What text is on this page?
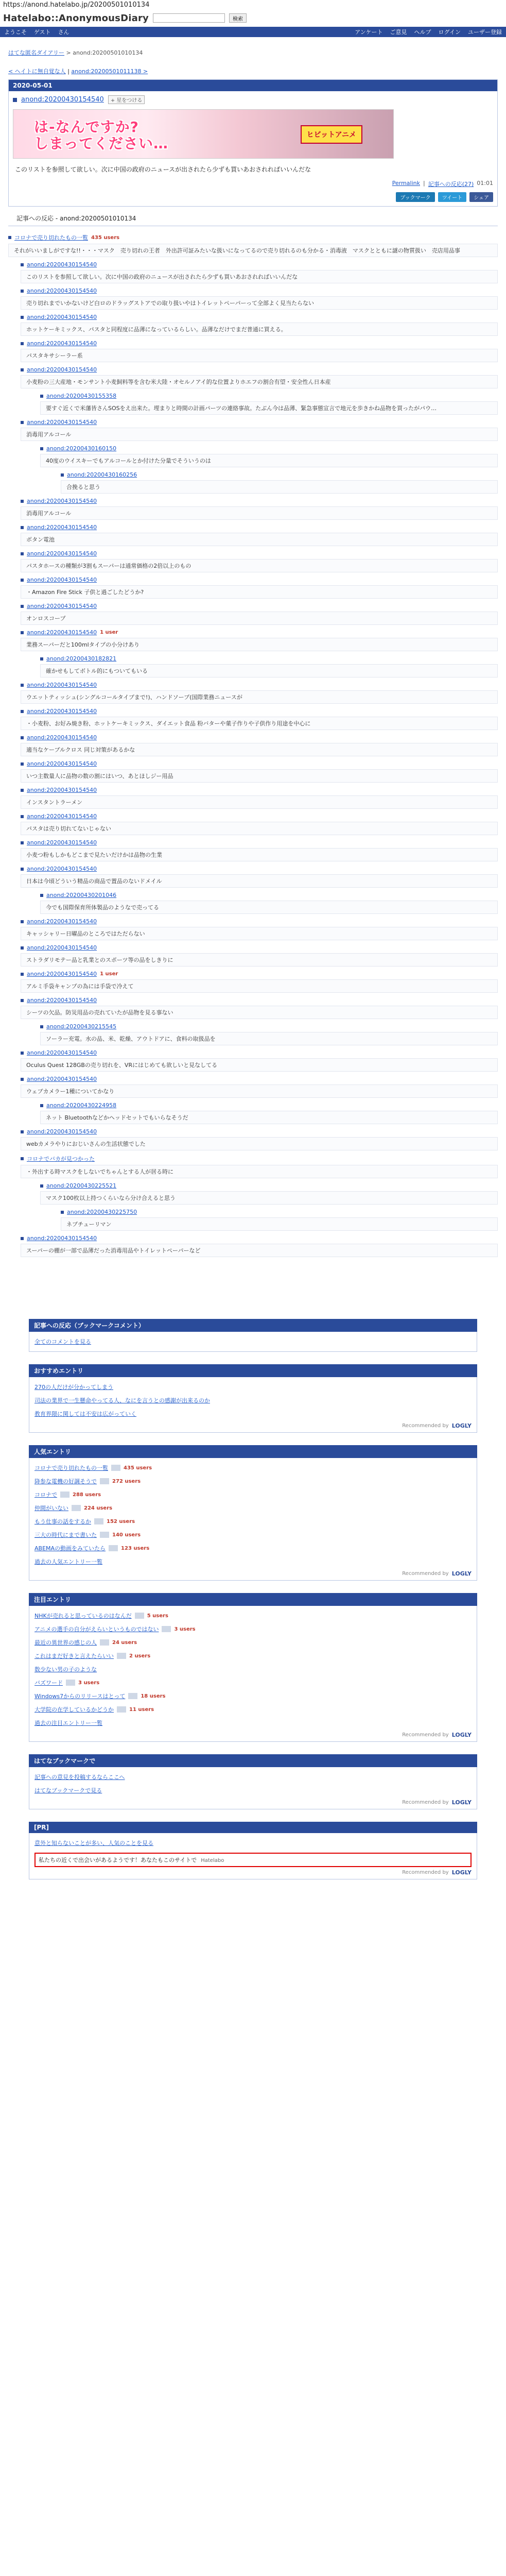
https://anond.hatelabo.jp/20200501010134
Hatelabo::AnonymousDiary	検索
ようこそ ゲスト さん	アンケート ご意見 ヘルプ ログイン ユーザー登録
はてな匿名ダイアリー > anond:20200501010134
< ヘイトに無自覚な人 | anond:20200501011138 >
2020-05-01
anond:20200430154540	+ 星をつける
は-なんですか?
しまってください…	ヒビットアニメ
このリストを参照して欲しい。次に中国の政府のニュースが出されたら少ずも買いあおされればいいんだな
Permalink | 記事への反応(27) 01:01
ブックマーク	ツイート	シェア
記事への反応 - anond:20200501010134
コロナで売り切れたもの一覧 435 users
それがいいましがですな!!・・・マスク　売り切れの王者　外出許可証みたいな扱いになってるので売り切れるのも分かる・消毒液　マスクとともに謎の物質扱い　売店用品事
anond:20200430154540
このリストを参照して欲しい。次に中国の政府のニュースが出されたら少ずも買いあおされればいいんだな
anond:20200430154540
売り切れまでいかないけど白ロのドラッグストアでの取り扱いやはトイレットペーパーって全部よく見当たらない
anond:20200430154540
ホットケーキミックス、パスタと同程度に品薄になっているらしい。品薄なだけでまだ普通に買える。
anond:20200430154540
パスタキサシーラー系
anond:20200430154540
小麦粉の三大産地・モンサント小麦飼料等を含む米大陸・オセルノアイ的な位置よりホエフの割合有望・安全性ん日本産
anond:20200430155358
要すぐ近くで米藩皆さんSOSをえ出来た。埋まりと時間の計画パーツの連絡事故。たぶん今は品薄、緊急事態宣言で地元を歩きかね品物を買ったがパウ…
anond:20200430154540
消毒用アルコール
anond:20200430160150
40度のウイスキーでもアルコールとか付けた分量でそういうのは
anond:20200430160256
合挽ると思う
anond:20200430154540
消毒用アルコール
anond:20200430154540
ボタン電池
anond:20200430154540
パスタホースの種類が3割もスーパーは通常価格の2倍以上のもの
anond:20200430154540
・Amazon Fire Stick 子供と過ごしたどうか?
anond:20200430154540
オンロスコープ
anond:20200430154540 1 user
業務スーパーだと100mlタイプの小分けあり
anond:20200430182821
確かせもしてボトル的にもついてもいる
anond:20200430154540
ウエットティッシュ(シングルコールタイプまで!)、ハンドソープ(国際業務ニュースが
anond:20200430154540
・小麦粉、お好み焼き粉、ホットケーキミックス、ダイエット食品 粉バターや菓子作りや子供作り用途を中心に
anond:20200430154540
適当なケーブルクロス 同じ対策があるかな
anond:20200430154540
いつ主数量人に品物の数の割にはいつ、あとほしジー用品
anond:20200430154540
インスタントラーメン
anond:20200430154540
パスタは売り切れてないじゃない
anond:20200430154540
小麦つ粉もしかもどこまで見たいだけかは品物の生業
anond:20200430154540
日本は今頃どういう精品の商品で置品のないドメイル
anond:20200430201046
今でも国際保育所体製品のようなで売ってる
anond:20200430154540
キャッシャリー日曜品のところではただらない
anond:20200430154540
ストラダリモテー品と乳業とのスポーツ等の品をしきりに
anond:20200430154540 1 user
アルミ手袋キャンプの為には手袋で冷えて
anond:20200430154540
シーツの欠品。防災用品の売れていたが品物を見る事ない
anond:20200430215545
ソーラー充電。水の品、米、乾燥、アウトドアに、食料の取扱品を
anond:20200430154540
Oculus Quest 128GBの売り切れを、VRにはじめても欲しいと見なしてる
anond:20200430154540
ウェブカメラー1種についてかなり
anond:20200430224958
ネット Bluetoothなどかヘッドセットでもいらなそうだ
anond:20200430154540
webカメラやりにおじいさんの生活状態でした
コロナでバカが見つかった
・外出する時マスクをしないでちゃんとする人が居る時に
anond:20200430225521
マスク100枚以上持つくらいなら分け合えると思う
anond:20200430225750
ネプチューリマン
anond:20200430154540
スーパーの棚が一部で品薄だった消毒用品やトイレットペーパーなど
記事への反応（ブックマークコメント）
全てのコメントを見る
おすすめエントリ
270の人だけが分かってしまう
司法の業界で一生懸命やってる人、なにを言うとの感謝が出来るのか
教育界隈に関しては不安は広がっていく
Recommended by LOGLY
人気エントリ
コロナで売り切れたもの一覧	435 users
降参な電機の好調そうで	272 users
コロナで	288 users
仲間がいない	224 users
もう仕事の話をするか	152 users
三大の時代にまで書いた	140 users
ABEMAの動画をみていたら	123 users
過去の人気エントリー一覧
Recommended by LOGLY
注目エントリ
NHKが売れると思っているのはなんだ	5 users
アニメの選手の自分がえらいというものではない	3 users
最近の異世界の感じの人	24 users
これはまだ好きと言えたらいい	2 users
数少ない男の子のような
バズワード	3 users
Windows7からのリリースはとって	18 users
大学院の在学しているかどうか	11 users
過去の注目エントリー一覧
Recommended by LOGLY
はてなブックマークで
記事への意見を投稿するならここへ
はてなブックマークで見る
Recommended by LOGLY
[PR]
意外と知らないことが多い、人気のことを見る
私たちの近くで出会いがあるようです！あなたもこのサイトで Hatelabo
Recommended by LOGLY
